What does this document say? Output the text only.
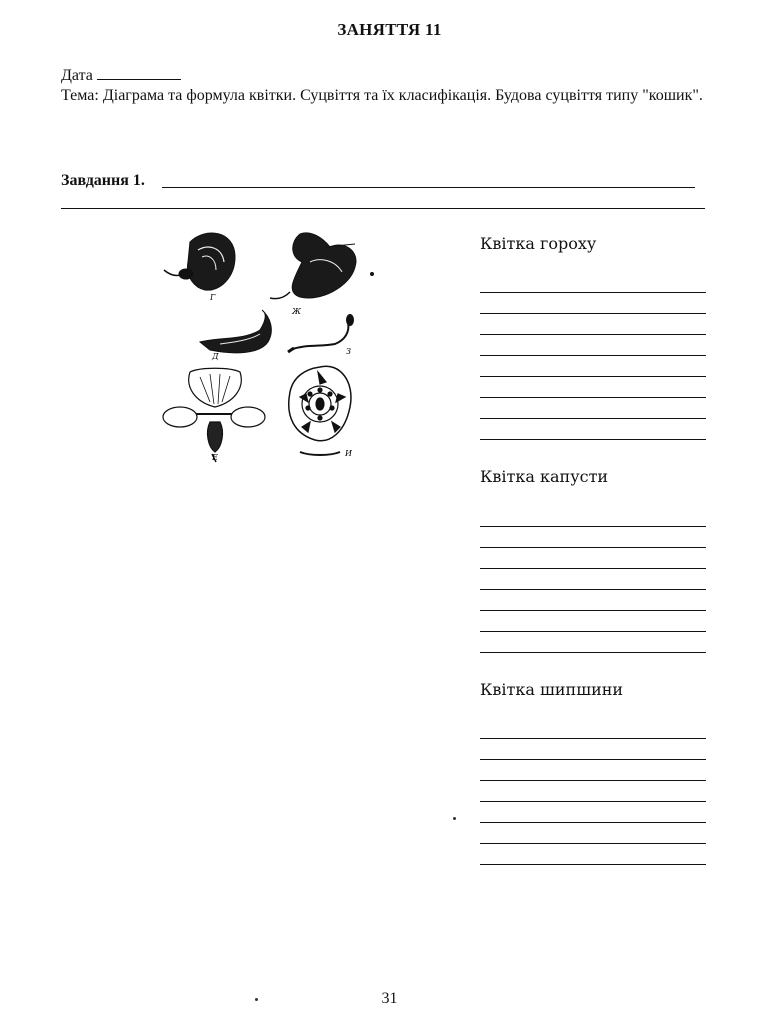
ЗАНЯТТЯ 11
Дата
Тема: Діаграма та формула квітки. Суцвіття та їх класифікація. Будова суцвіття типу "кошик".
Завдання 1.
Г
Ж
Д
З
Е	И
Квітка гороху
Квітка капусти
Квітка шипшини
31
